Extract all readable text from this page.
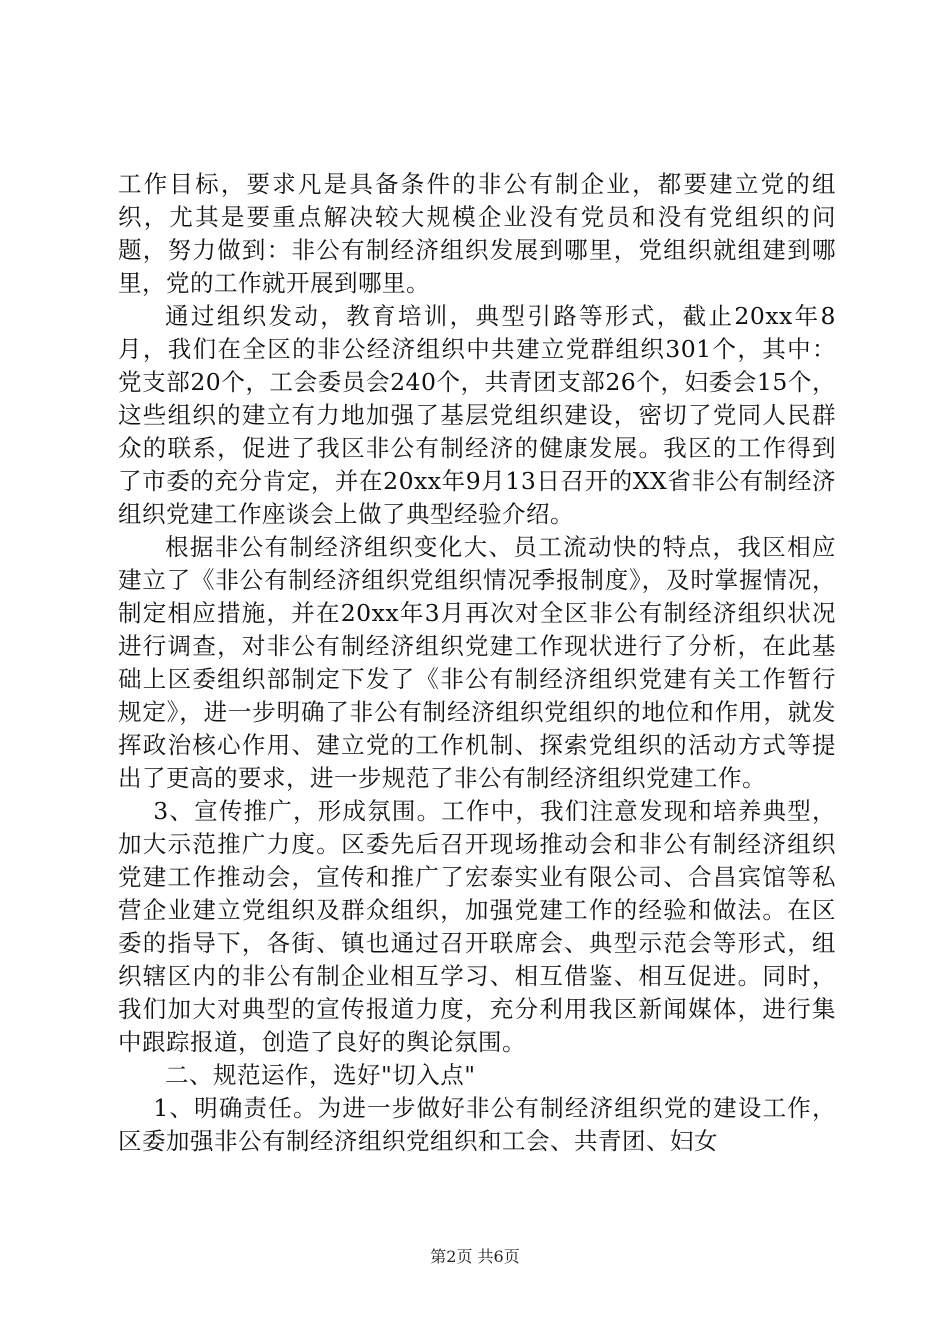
工作目标，要求凡是具备条件的非公有制企业，都要建立党的组织，尤其是要重点解决较大规模企业没有党员和没有党组织的问题，努力做到：非公有制经济组织发展到哪里，党组织就组建到哪里，党的工作就开展到哪里。

通过组织发动，教育培训，典型引路等形式，截止20xx年8月，我们在全区的非公经济组织中共建立党群组织301个，其中：党支部20个，工会委员会240个，共青团支部26个，妇委会15个，这些组织的建立有力地加强了基层党组织建设，密切了党同人民群众的联系，促进了我区非公有制经济的健康发展。我区的工作得到了市委的充分肯定，并在20xx年9月13日召开的XX省非公有制经济组织党建工作座谈会上做了典型经验介绍。

根据非公有制经济组织变化大、员工流动快的特点，我区相应建立了《非公有制经济组织党组织情况季报制度》，及时掌握情况，制定相应措施，并在20xx年3月再次对全区非公有制经济组织状况进行调查，对非公有制经济组织党建工作现状进行了分析，在此基础上区委组织部制定下发了《非公有制经济组织党建有关工作暂行规定》，进一步明确了非公有制经济组织党组织的地位和作用，就发挥政治核心作用、建立党的工作机制、探索党组织的活动方式等提出了更高的要求，进一步规范了非公有制经济组织党建工作。

3、宣传推广，形成氛围。工作中，我们注意发现和培养典型，加大示范推广力度。区委先后召开现场推动会和非公有制经济组织党建工作推动会，宣传和推广了宏泰实业有限公司、合昌宾馆等私营企业建立党组织及群众组织，加强党建工作的经验和做法。在区委的指导下，各街、镇也通过召开联席会、典型示范会等形式，组织辖区内的非公有制企业相互学习、相互借鉴、相互促进。同时，我们加大对典型的宣传报道力度，充分利用我区新闻媒体，进行集中跟踪报道，创造了良好的舆论氛围。

二、规范运作，选好"切入点"

1、明确责任。为进一步做好非公有制经济组织党的建设工作，区委加强非公有制经济组织党组织和工会、共青团、妇女

第2页 共6页
